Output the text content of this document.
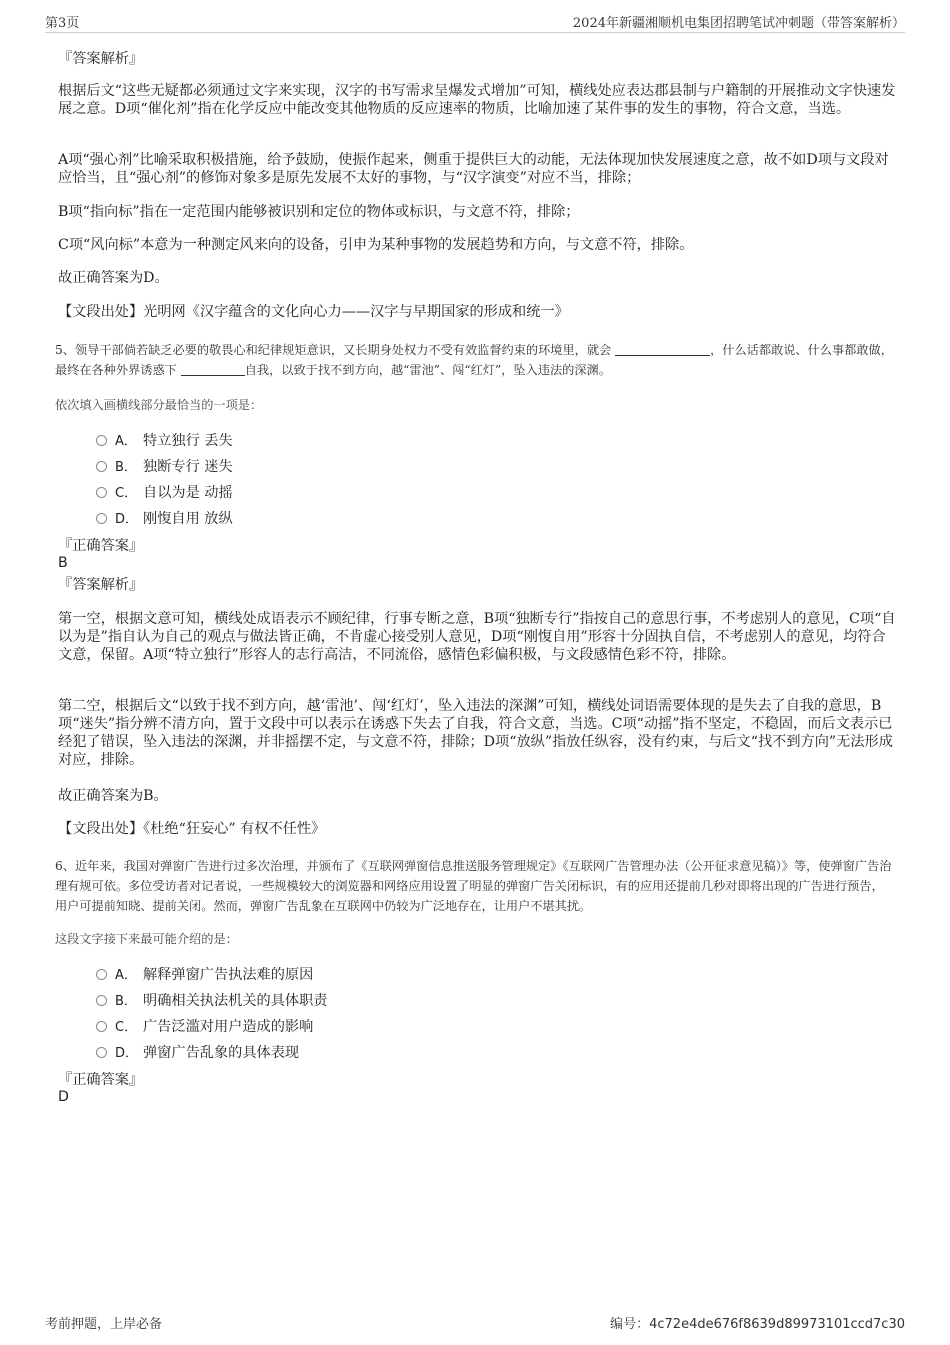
第3页	2024年新疆湘顺机电集团招聘笔试冲刺题（带答案解析）
『答案解析』
根据后文“这些无疑都必须通过文字来实现，汉字的书写需求呈爆发式增加”可知，横线处应表达郡县制与户籍制的开展推动文字快速发展之意。D项“催化剂”指在化学反应中能改变其他物质的反应速率的物质，比喻加速了某件事的发生的事物，符合文意，当选。
A项“强心剂”比喻采取积极措施，给予鼓励，使振作起来，侧重于提供巨大的动能，无法体现加快发展速度之意，故不如D项与文段对应恰当，且“强心剂”的修饰对象多是原先发展不太好的事物，与“汉字演变”对应不当，排除；
B项“指向标”指在一定范围内能够被识别和定位的物体或标识，与文意不符，排除；
C项“风向标”本意为一种测定风来向的设备，引申为某种事物的发展趋势和方向，与文意不符，排除。
故正确答案为D。
【文段出处】光明网《汉字蕴含的文化向心力——汉字与早期国家的形成和统一》
5、领导干部倘若缺乏必要的敬畏心和纪律规矩意识，又长期身处权力不受有效监督约束的环境里，就会	，什么话都敢说、什么事都敢做，最终在各种外界诱惑下	自我，以致于找不到方向，越“雷池”、闯“红灯”，坠入违法的深渊。
依次填入画横线部分最恰当的一项是：
A． 特立独行 丢失
B． 独断专行 迷失
C． 自以为是 动摇
D． 刚愎自用 放纵
『正确答案』
B
『答案解析』
第一空，根据文意可知，横线处成语表示不顾纪律，行事专断之意，B项“独断专行”指按自己的意思行事，不考虑别人的意见，C项“自以为是”指自认为自己的观点与做法皆正确，不肯虚心接受别人意见，D项“刚愎自用”形容十分固执自信，不考虑别人的意见，均符合文意，保留。A项“特立独行”形容人的志行高洁，不同流俗，感情色彩偏积极，与文段感情色彩不符，排除。
第二空，根据后文“以致于找不到方向，越‘雷池’、闯‘红灯’，坠入违法的深渊”可知，横线处词语需要体现的是失去了自我的意思，B项“迷失”指分辨不清方向，置于文段中可以表示在诱惑下失去了自我，符合文意，当选。C项“动摇”指不坚定，不稳固，而后文表示已经犯了错误，坠入违法的深渊，并非摇摆不定，与文意不符，排除；D项“放纵”指放任纵容，没有约束，与后文“找不到方向”无法形成对应，排除。
故正确答案为B。
【文段出处】《杜绝“狂妄心” 有权不任性》
6、近年来，我国对弹窗广告进行过多次治理，并颁布了《互联网弹窗信息推送服务管理规定》《互联网广告管理办法（公开征求意见稿）》等，使弹窗广告治理有规可依。多位受访者对记者说，一些规模较大的浏览器和网络应用设置了明显的弹窗广告关闭标识，有的应用还提前几秒对即将出现的广告进行预告，用户可提前知晓、提前关闭。然而，弹窗广告乱象在互联网中仍较为广泛地存在，让用户不堪其扰。
这段文字接下来最可能介绍的是：
A． 解释弹窗广告执法难的原因
B． 明确相关执法机关的具体职责
C． 广告泛滥对用户造成的影响
D． 弹窗广告乱象的具体表现
『正确答案』
D
考前押题，上岸必备	编号：4c72e4de676f8639d89973101ccd7c30
